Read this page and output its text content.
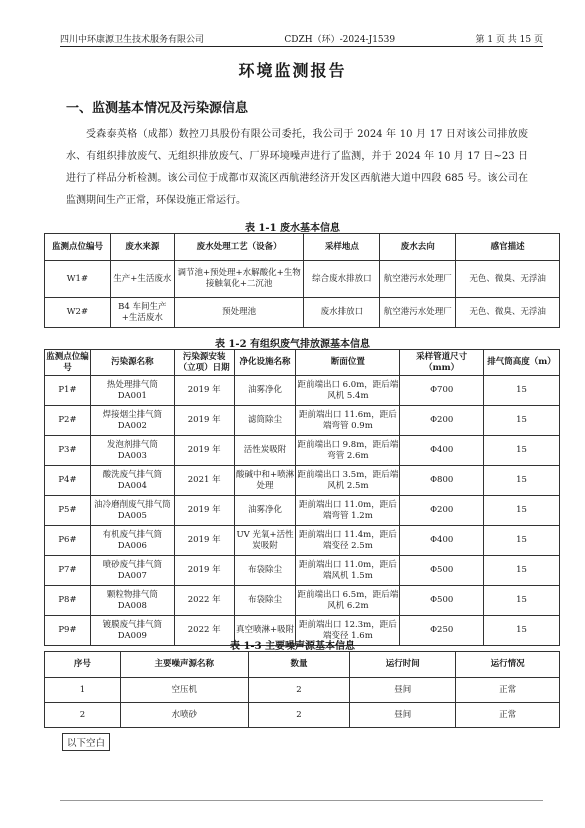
四川中环康源卫生技术服务有限公司	CDZH（环）-2024-J1539	第 1 页 共 15 页
环境监测报告
一、监测基本情况及污染源信息
受森泰英格（成都）数控刀具股份有限公司委托，我公司于 2024 年 10 月 17 日对该公司排放废水、有组织排放废气、无组织排放废气、厂界环境噪声进行了监测，并于 2024 年 10 月 17 日~23 日进行了样品分析检测。该公司位于成都市双流区西航港经济开发区西航港大道中四段 685 号。该公司在监测期间生产正常，环保设施正常运行。
表 1-1 废水基本信息
监测点位编号	废水来源	废水处理工艺（设备）	采样地点	废水去向	感官描述
W1#	生产+生活废水	调节池+预处理+水解酸化+生物接触氧化+二沉池	综合废水排放口	航空港污水处理厂	无色、微臭、无浮油
W2#	B4 车间生产+生活废水	预处理池	废水排放口	航空港污水处理厂	无色、微臭、无浮油
表 1-2 有组织废气排放源基本信息
监测点位编号	污染源名称	污染源安装（立项）日期	净化设施名称	断面位置	采样管道尺寸（mm）	排气筒高度（m）
P1#	热处理排气筒 DA001	2019 年	油雾净化	距前端出口 6.0m，距后端风机 5.4m	Φ700	15
P2#	焊接烟尘排气筒 DA002	2019 年	滤筒除尘	距前端出口 11.6m，距后端弯管 0.9m	Φ200	15
P3#	发泡剂排气筒 DA003	2019 年	活性炭吸附	距前端出口 9.8m，距后端弯管 2.6m	Φ400	15
P4#	酸洗废气排气筒 DA004	2021 年	酸碱中和+喷淋处理	距前端出口 3.5m，距后端风机 2.5m	Φ800	15
P5#	油冷磨削废气排气筒 DA005	2019 年	油雾净化	距前端出口 11.0m，距后端弯管 1.2m	Φ200	15
P6#	有机废气排气筒 DA006	2019 年	UV 光氧+活性炭吸附	距前端出口 11.4m，距后端变径 2.5m	Φ400	15
P7#	喷砂废气排气筒 DA007	2019 年	布袋除尘	距前端出口 11.0m，距后端风机 1.5m	Φ500	15
P8#	颗粒物排气筒 DA008	2022 年	布袋除尘	距前端出口 6.5m，距后端风机 6.2m	Φ500	15
P9#	镀膜废气排气筒 DA009	2022 年	真空喷淋+吸附	距前端出口 12.3m，距后端变径 1.6m	Φ250	15
表 1-3 主要噪声源基本信息
序号	主要噪声源名称	数量	运行时间	运行情况
1	空压机	2	昼间	正常
2	水喷砂	2	昼间	正常
以下空白
